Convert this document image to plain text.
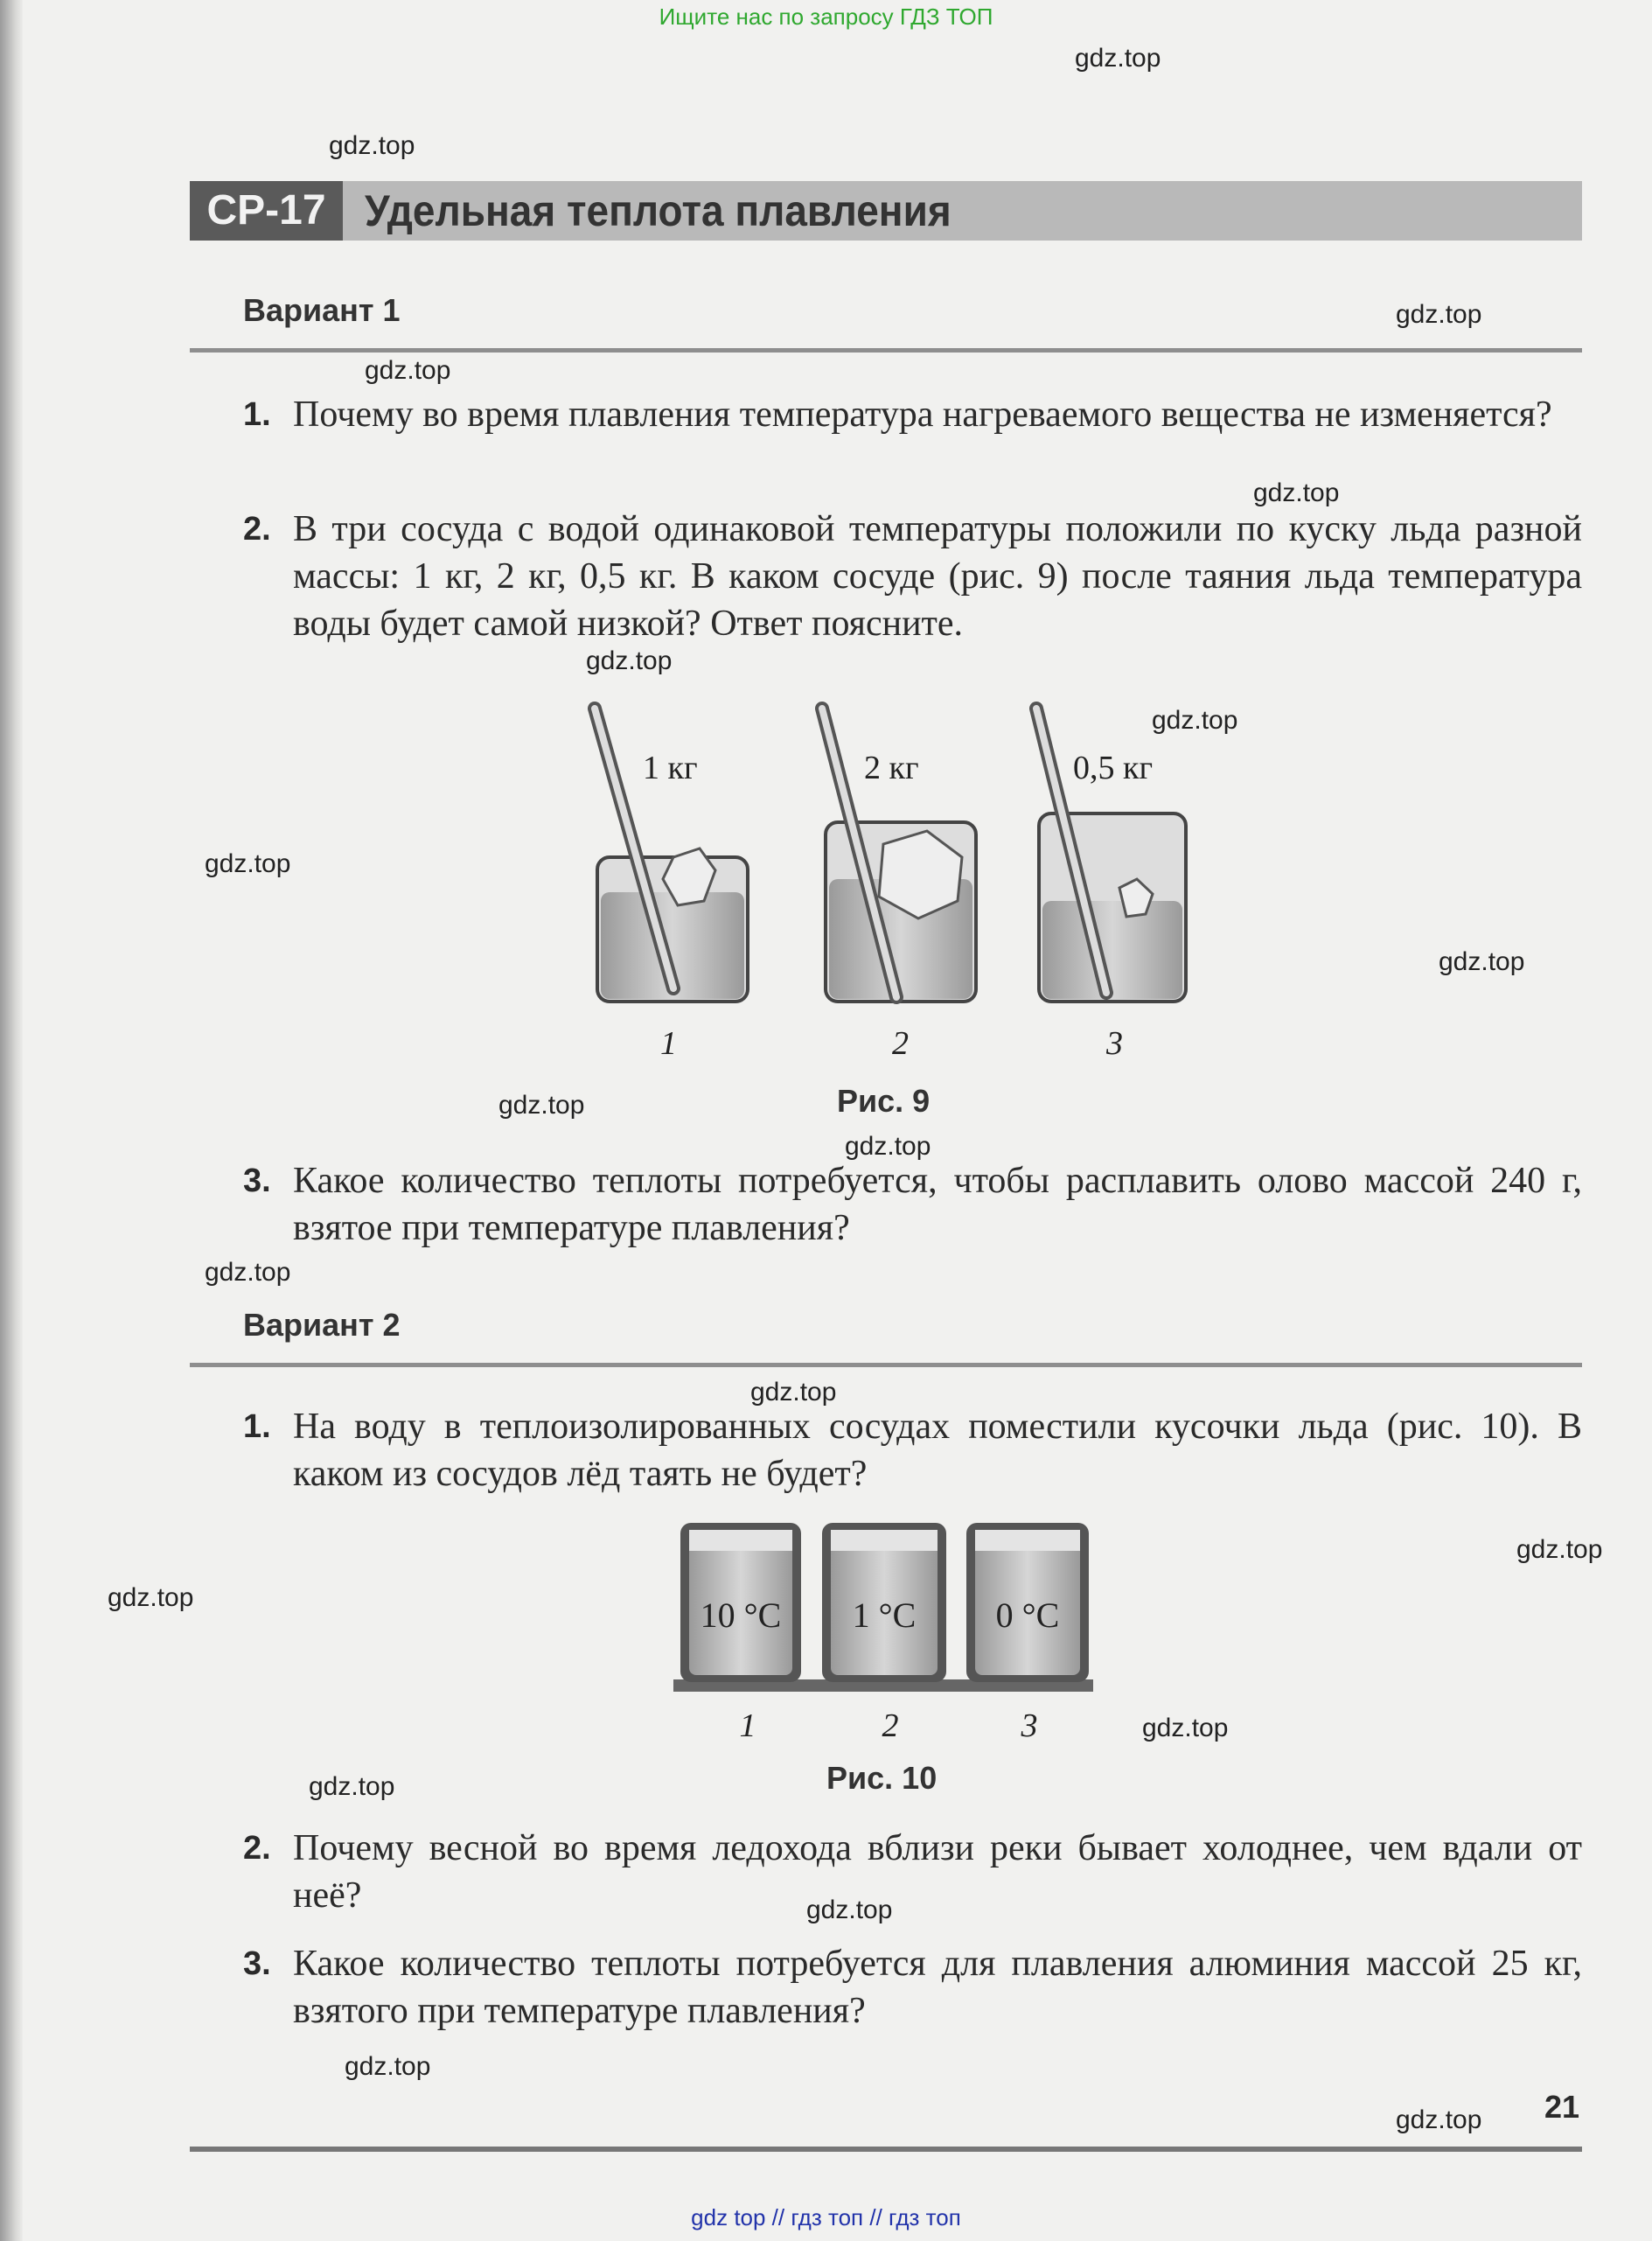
Ищите нас по запросу ГДЗ ТОП
СР-17 Удельная теплота плавления
Вариант 1
1. Почему во время плавления температура нагреваемого вещества не изменяется?
2. В три сосуда с водой одинаковой температуры положили по куску льда разной массы: 1 кг, 2 кг, 0,5 кг. В каком сосуде (рис. 9) после таяния льда температура воды будет самой низкой? Ответ поясните.
1 кг	2 кг	0,5 кг
1	2	3
Рис. 9
3. Какое количество теплоты потребуется, чтобы расплавить олово массой 240 г, взятое при температуре плавления?
Вариант 2
1. На воду в теплоизолированных сосудах поместили кусочки льда (рис. 10). В каком из сосудов лёд таять не будет?
10 °C 1 °C 0 °C
1	2	3
Рис. 10
2. Почему весной во время ледохода вблизи реки бывает холоднее, чем вдали от неё?
3. Какое количество теплоты потребуется для плавления алюминия массой 25 кг, взятого при температуре плавления?
21
gdz.top
gdz.top
gdz.top
gdz.top
gdz.top
gdz.top
gdz.top
gdz.top
gdz.top
gdz.top
gdz.top
gdz.top
gdz.top
gdz.top
gdz.top
gdz.top
gdz.top
gdz.top
gdz.top
gdz.top
gdz top // гдз топ // гдз топ
